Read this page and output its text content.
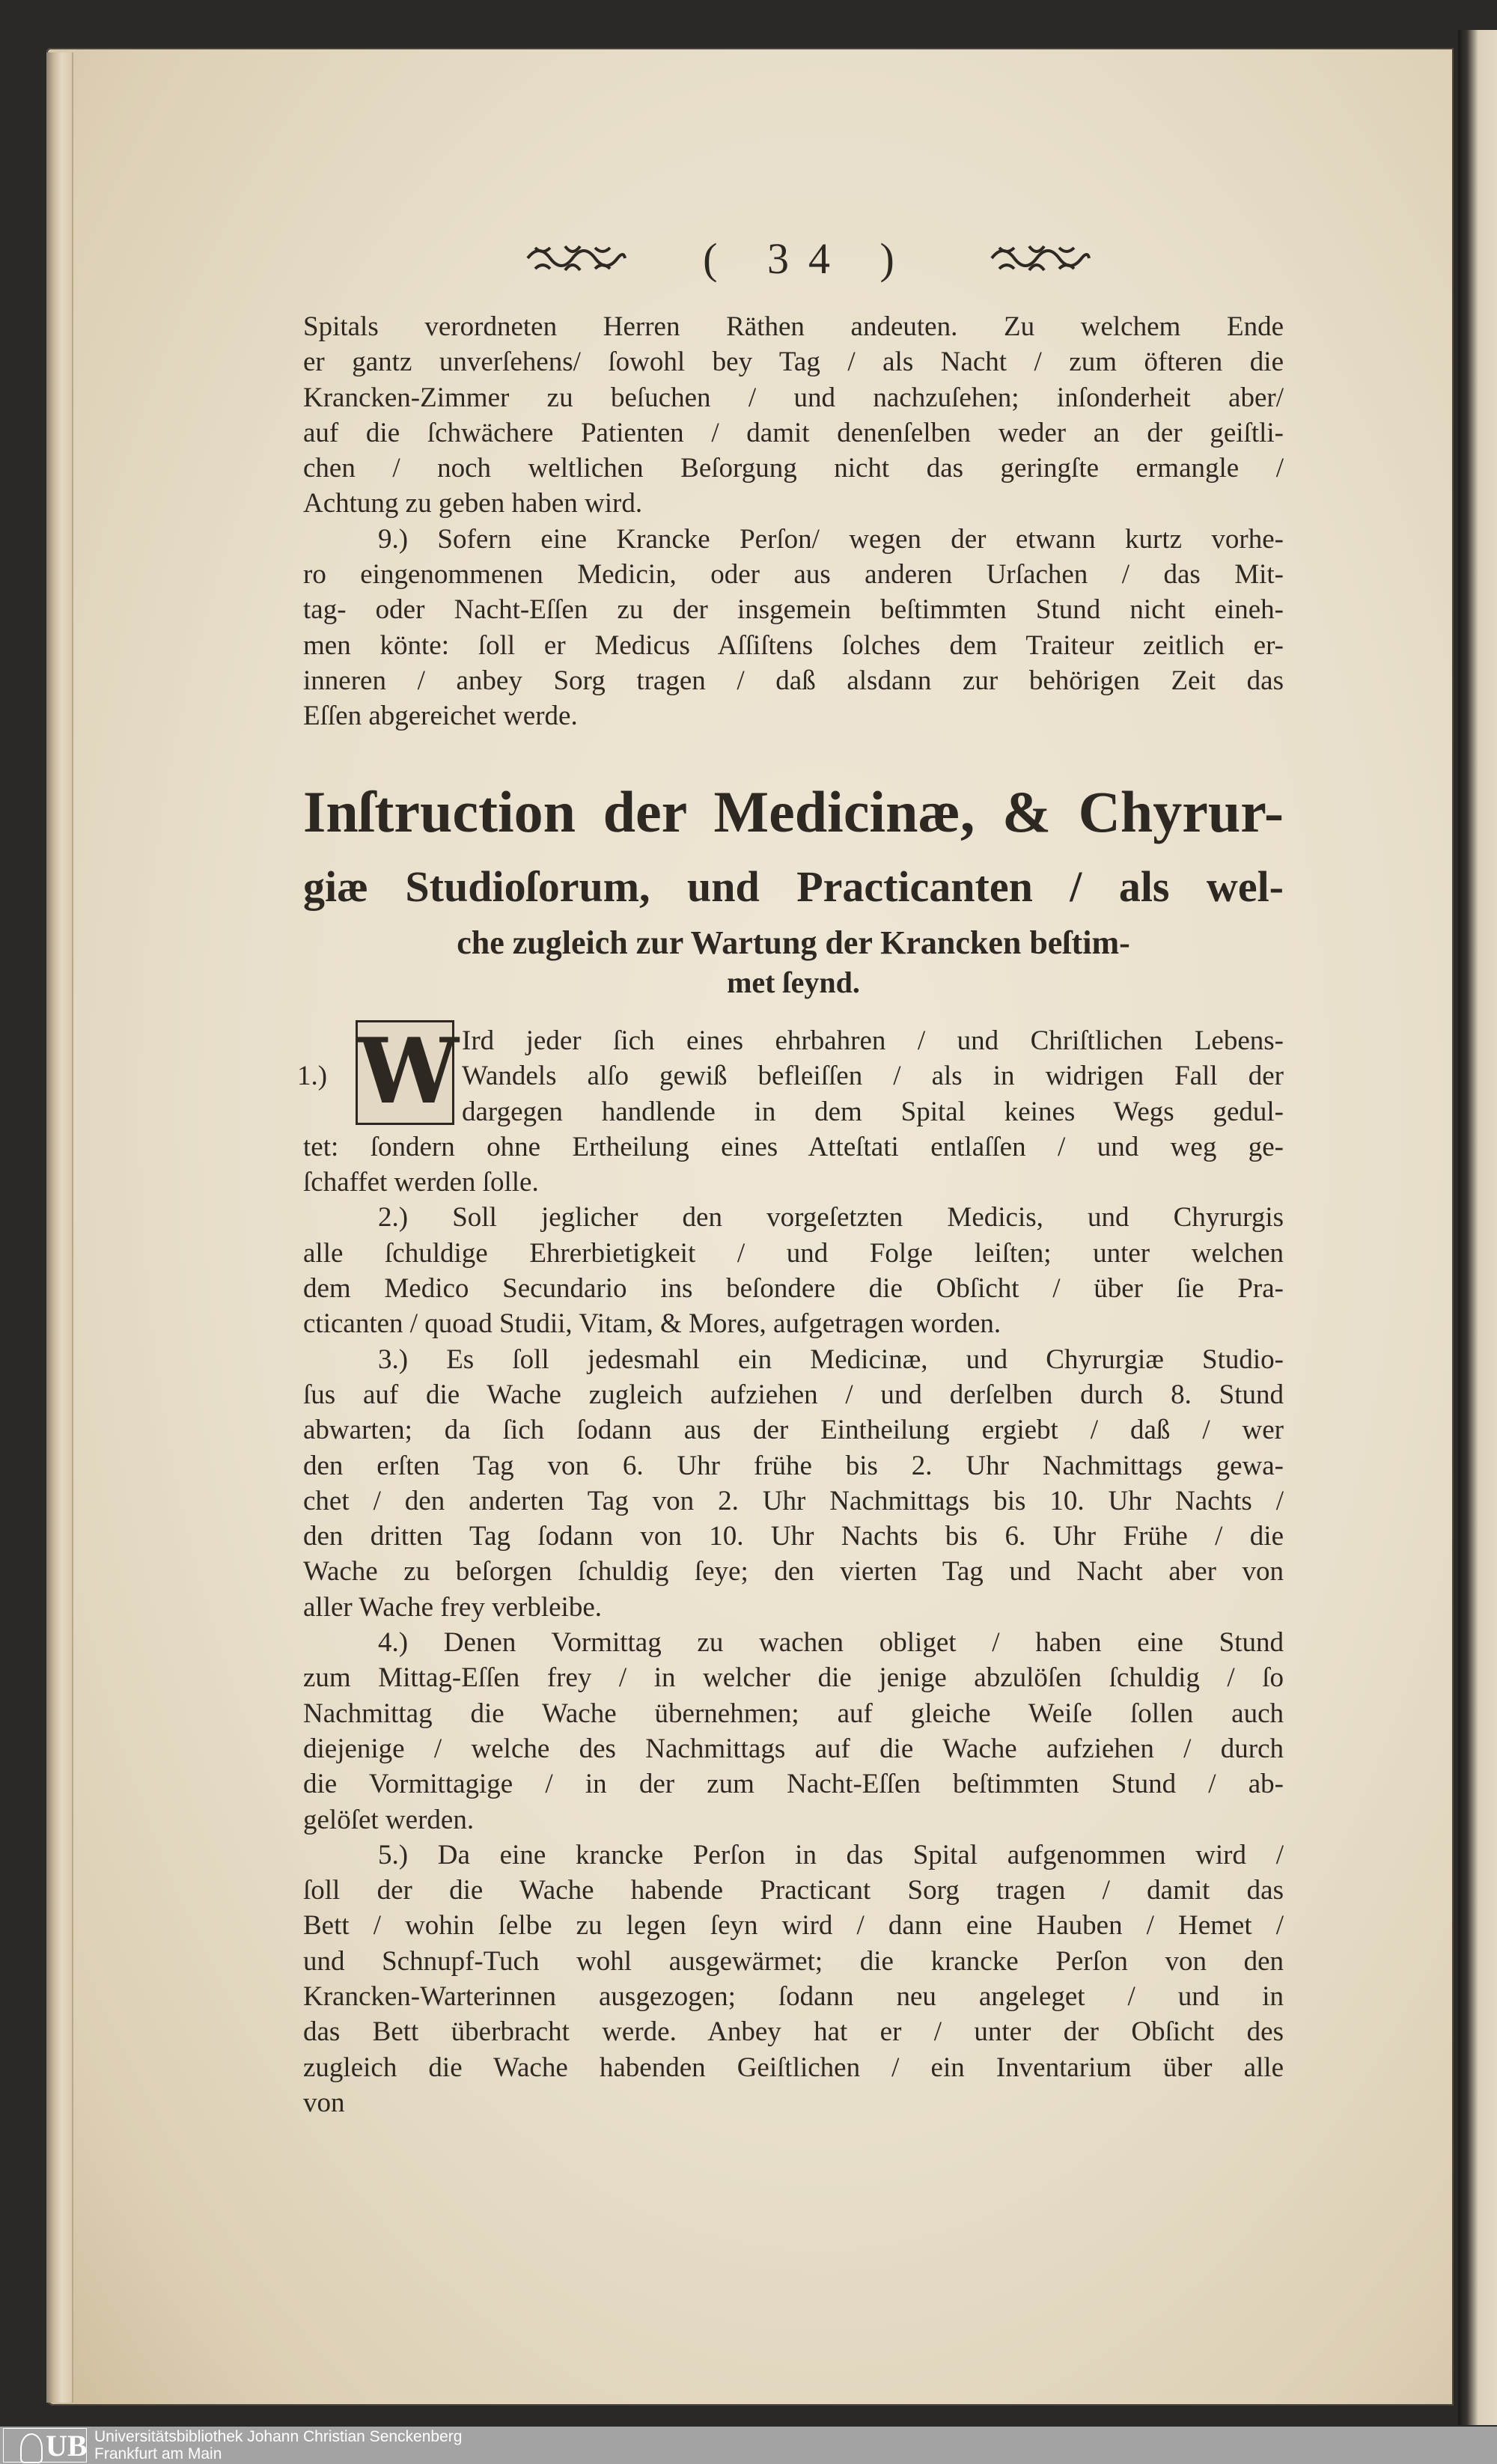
( 34 )
Spitals verordneten Herren Räthen andeuten. Zu welchem Ende
er gantz unverſehens/ ſowohl bey Tag / als Nacht / zum öfteren die
Krancken-Zimmer zu beſuchen / und nachzuſehen; inſonderheit aber/
auf die ſchwächere Patienten / damit denenſelben weder an der geiſtli-
chen / noch weltlichen Beſorgung nicht das geringſte ermangle /
Achtung zu geben haben wird.
9.) Sofern eine Krancke Perſon/ wegen der etwann kurtz vorhe-
ro eingenommenen Medicin, oder aus anderen Urſachen / das Mit-
tag- oder Nacht-Eſſen zu der insgemein beſtimmten Stund nicht eineh-
men könte: ſoll er Medicus Aſſiſtens ſolches dem Traiteur zeitlich er-
inneren / anbey Sorg tragen / daß alsdann zur behörigen Zeit das
Eſſen abgereichet werde.
Inſtruction der Medicinæ, & Chyrur-
giæ Studioſorum, und Practicanten / als wel-
che zugleich zur Wartung der Krancken beſtim-
met ſeynd.
1.) W Ird jeder ſich eines ehrbahren / und Chriſtlichen Lebens-
Wandels alſo gewiß befleiſſen / als in widrigen Fall der
dargegen handlende in dem Spital keines Wegs gedul-
tet: ſondern ohne Ertheilung eines Atteſtati entlaſſen / und weg ge-
ſchaffet werden ſolle.
2.) Soll jeglicher den vorgeſetzten Medicis, und Chyrurgis
alle ſchuldige Ehrerbietigkeit / und Folge leiſten; unter welchen
dem Medico Secundario ins beſondere die Obſicht / über ſie Pra-
cticanten / quoad Studii, Vitam, & Mores, aufgetragen worden.
3.) Es ſoll jedesmahl ein Medicinæ, und Chyrurgiæ Studio-
ſus auf die Wache zugleich aufziehen / und derſelben durch 8. Stund
abwarten; da ſich ſodann aus der Eintheilung ergiebt / daß / wer
den erſten Tag von 6. Uhr frühe bis 2. Uhr Nachmittags gewa-
chet / den anderten Tag von 2. Uhr Nachmittags bis 10. Uhr Nachts /
den dritten Tag ſodann von 10. Uhr Nachts bis 6. Uhr Frühe / die
Wache zu beſorgen ſchuldig ſeye; den vierten Tag und Nacht aber von
aller Wache frey verbleibe.
4.) Denen Vormittag zu wachen obliget / haben eine Stund
zum Mittag-Eſſen frey / in welcher die jenige abzulöſen ſchuldig / ſo
Nachmittag die Wache übernehmen; auf gleiche Weiſe ſollen auch
diejenige / welche des Nachmittags auf die Wache aufziehen / durch
die Vormittagige / in der zum Nacht-Eſſen beſtimmten Stund / ab-
gelöſet werden.
5.) Da eine krancke Perſon in das Spital aufgenommen wird /
ſoll der die Wache habende Practicant Sorg tragen / damit das
Bett / wohin ſelbe zu legen ſeyn wird / dann eine Hauben / Hemet /
und Schnupf-Tuch wohl ausgewärmet; die krancke Perſon von den
Krancken-Warterinnen ausgezogen; ſodann neu angeleget / und in
das Bett überbracht werde. Anbey hat er / unter der Obſicht des
zugleich die Wache habenden Geiſtlichen / ein Inventarium über alle
von
UB Universitätsbibliothek Johann Christian Senckenberg
Frankfurt am Main
